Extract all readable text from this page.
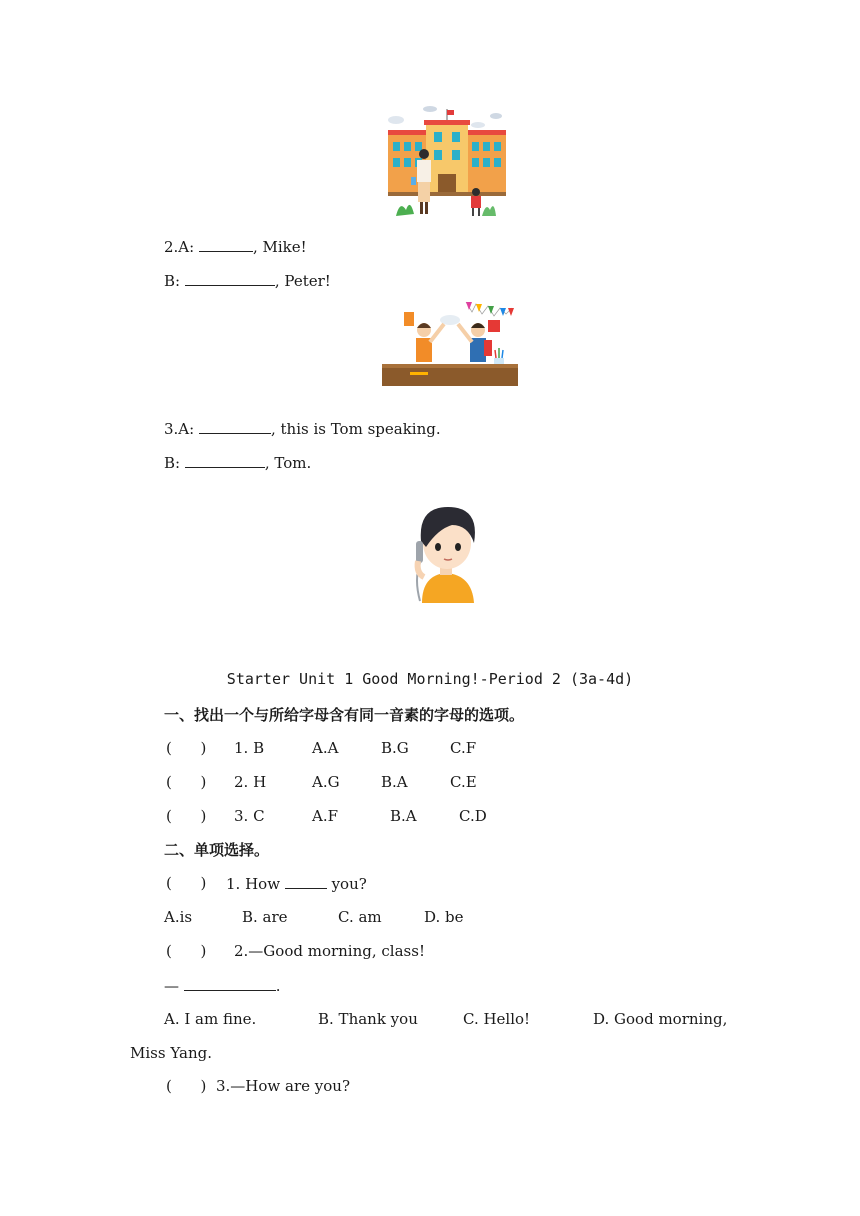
2.A:	, Mike!
B:	, Peter!
3.A:	, this is Tom speaking.
B:	, Tom.
Starter Unit 1 Good Morning!-Period 2 (3a-4d)
一、找出一个与所给字母含有同一音素的字母的选项。
(      ) 1. B	A.A	B.G	C.F
(      ) 2. H	A.G	B.A	C.E
(      ) 3. C	A.F	B.A	C.D
二、单项选择。
(      ) 1. How	you?
A.is	B. are	C. am	D. be
(      ) 2.—Good morning, class!
—	.
A. I am fine.	B. Thank you	C. Hello!	D. Good morning,
Miss Yang.
(      ) 3.—How are you?
